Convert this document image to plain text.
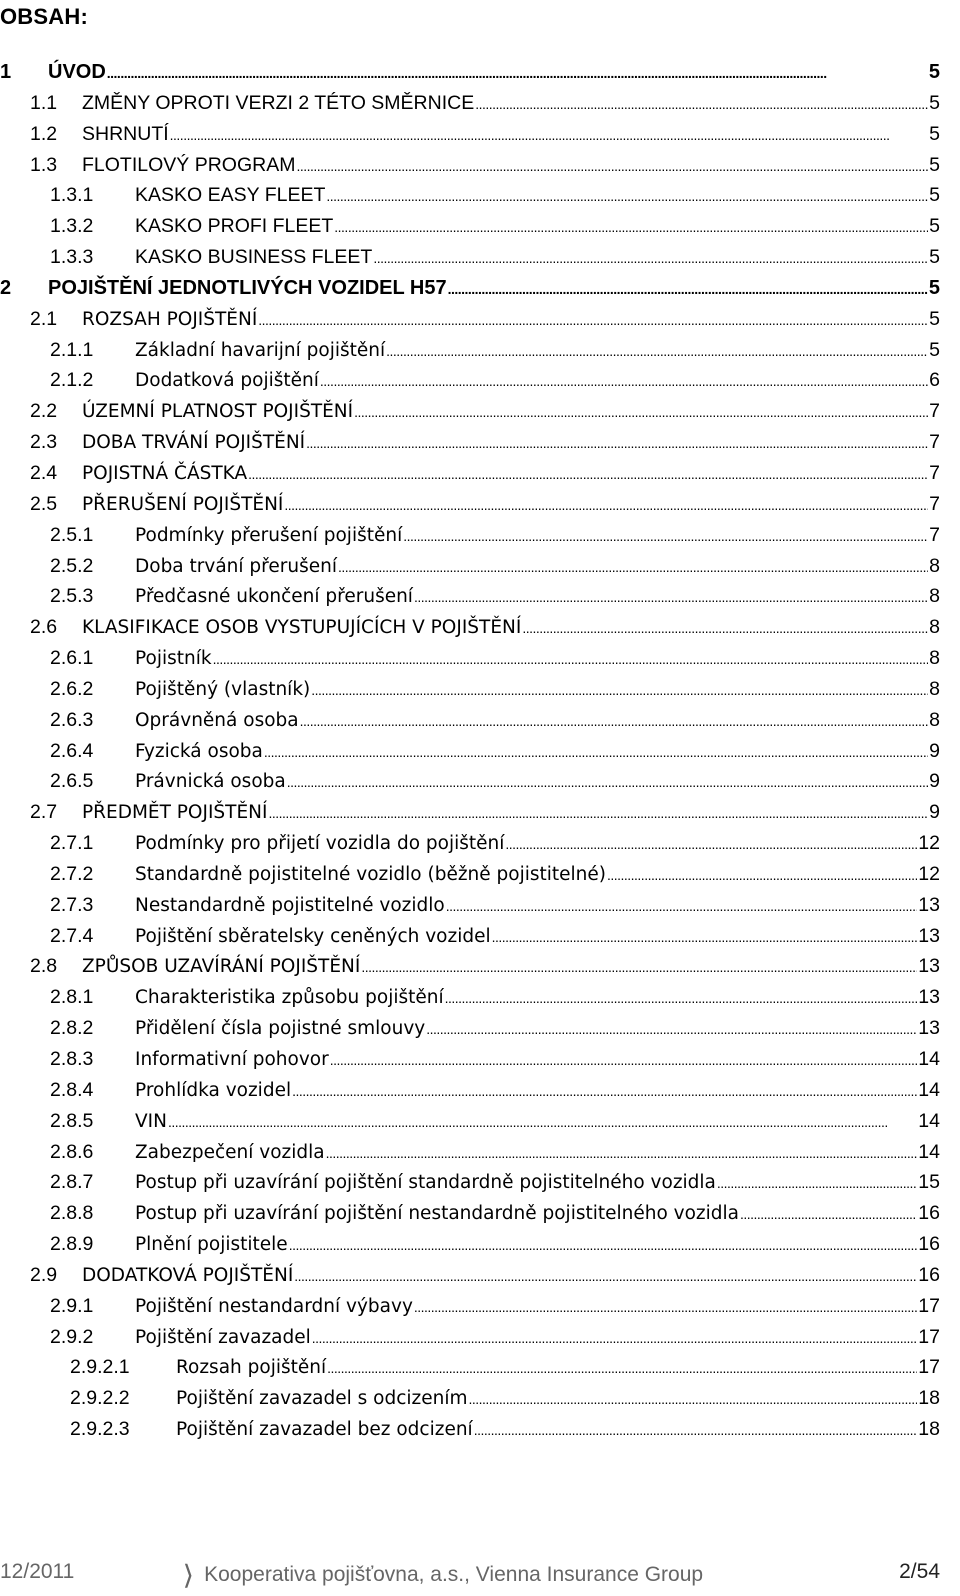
OBSAH:
1 ÚVOD . . .	5
1.1 ZMĚNY OPROTI VERZI 2 TÉTO SMĚRNICE . . .	5
1.2 SHRNUTÍ . . .	5
1.3 FLOTILOVÝ PROGRAM . . .	5
1.3.1 KASKO EASY FLEET . . .	5
1.3.2 KASKO PROFI FLEET . . .	5
1.3.3 KASKO BUSINESS FLEET . . .	5
2 POJIŠTĚNÍ JEDNOTLIVÝCH VOZIDEL H57 . . .	5
2.1 ROZSAH POJIŠTĚNÍ . . .	5
2.1.1 Základní havarijní pojištění . . .	5
2.1.2 Dodatková pojištění . . .	6
2.2 ÚZEMNÍ PLATNOST POJIŠTĚNÍ . . .	7
2.3 DOBA TRVÁNÍ POJIŠTĚNÍ . . .	7
2.4 POJISTNÁ ČÁSTKA . . .	7
2.5 PŘERUŠENÍ POJIŠTĚNÍ . . .	7
2.5.1 Podmínky přerušení pojištění . . .	7
2.5.2 Doba trvání přerušení . . .	8
2.5.3 Předčasné ukončení přerušení . . .	8
2.6 KLASIFIKACE OSOB VYSTUPUJÍCÍCH V POJIŠTĚNÍ . . .	8
2.6.1 Pojistník . . .	8
2.6.2 Pojištěný (vlastník) . . .	8
2.6.3 Oprávněná osoba . . .	8
2.6.4 Fyzická osoba . . .	9
2.6.5 Právnická osoba . . .	9
2.7 PŘEDMĚT POJIŠTĚNÍ . . .	9
2.7.1 Podmínky pro přijetí vozidla do pojištění . . .	12
2.7.2 Standardně pojistitelné vozidlo (běžně pojistitelné) . . .	12
2.7.3 Nestandardně pojistitelné vozidlo . . .	13
2.7.4 Pojištění sběratelsky ceněných vozidel . . .	13
2.8 ZPŮSOB UZAVÍRÁNÍ POJIŠTĚNÍ . . .	13
2.8.1 Charakteristika způsobu pojištění . . .	13
2.8.2 Přidělení čísla pojistné smlouvy . . .	13
2.8.3 Informativní pohovor . . .	14
2.8.4 Prohlídka vozidel . . .	14
2.8.5 VIN . . .	14
2.8.6 Zabezpečení vozidla . . .	14
2.8.7 Postup při uzavírání pojištění standardně pojistitelného vozidla . . .	15
2.8.8 Postup při uzavírání pojištění nestandardně pojistitelného vozidla . . .	16
2.8.9 Plnění pojistitele . . .	16
2.9 DODATKOVÁ POJIŠTĚNÍ . . .	16
2.9.1 Pojištění nestandardní výbavy . . .	17
2.9.2 Pojištění zavazadel . . .	17
2.9.2.1	Rozsah pojištění . . .	17
2.9.2.2	Pojištění zavazadel s odcizením . . .	18
2.9.2.3	Pojištění zavazadel bez odcizení . . .	18
12/2011	❭ Kooperativa pojišťovna, a.s., Vienna Insurance Group	2/54
